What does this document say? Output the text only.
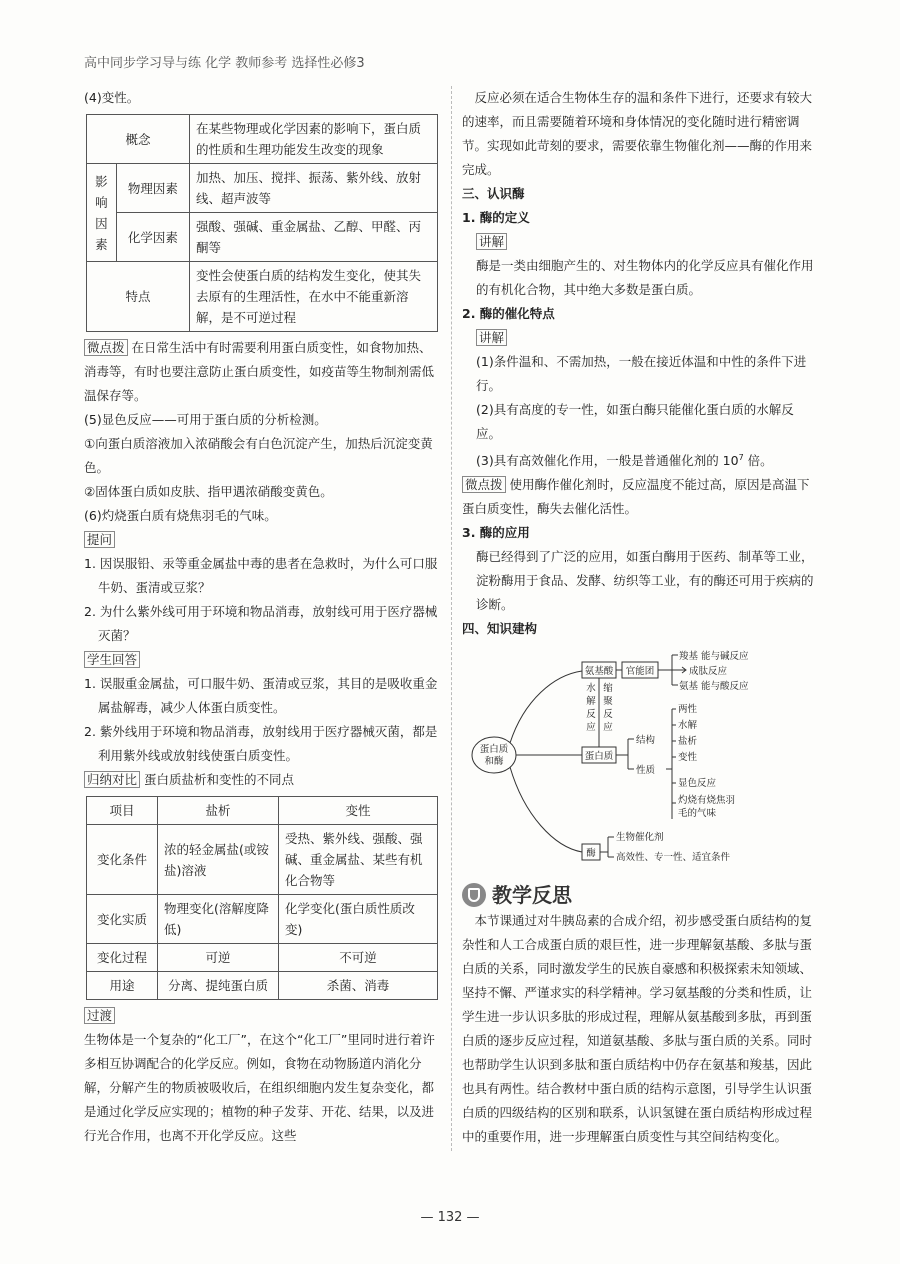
高中同步学习导与练 化学 教师参考 选择性必修3

(4)变性。

概念		在某些物理或化学因素的影响下，蛋白质的性质和生理功能发生改变的现象
影响因素	物理因素	加热、加压、搅拌、振荡、紫外线、放射线、超声波等
	化学因素	强酸、强碱、重金属盐、乙醇、甲醛、丙酮等
特点		变性会使蛋白质的结构发生变化，使其失去原有的生理活性，在水中不能重新溶解，是不可逆过程

微点拨 在日常生活中有时需要利用蛋白质变性，如食物加热、消毒等，有时也要注意防止蛋白质变性，如疫苗等生物制剂需低温保存等。

(5)显色反应——可用于蛋白质的分析检测。

①向蛋白质溶液加入浓硝酸会有白色沉淀产生，加热后沉淀变黄色。

②固体蛋白质如皮肤、指甲遇浓硝酸变黄色。

(6)灼烧蛋白质有烧焦羽毛的气味。

提问

1. 因误服铅、汞等重金属盐中毒的患者在急救时，为什么可口服牛奶、蛋清或豆浆？

2. 为什么紫外线可用于环境和物品消毒，放射线可用于医疗器械灭菌？

学生回答

1. 误服重金属盐，可口服牛奶、蛋清或豆浆，其目的是吸收重金属盐解毒，减少人体蛋白质变性。

2. 紫外线用于环境和物品消毒，放射线用于医疗器械灭菌，都是利用紫外线或放射线使蛋白质变性。

归纳对比 蛋白质盐析和变性的不同点

项目	盐析	变性
变化条件	浓的轻金属盐(或铵盐)溶液	受热、紫外线、强酸、强碱、重金属盐、某些有机化合物等
变化实质	物理变化(溶解度降低)	化学变化(蛋白质性质改变)
变化过程	可逆	不可逆
用途	分离、提纯蛋白质	杀菌、消毒

过渡

生物体是一个复杂的“化工厂”，在这个“化工厂”里同时进行着许多相互协调配合的化学反应。例如，食物在动物肠道内消化分解，分解产生的物质被吸收后，在组织细胞内发生复杂变化，都是通过化学反应实现的；植物的种子发芽、开花、结果，以及进行光合作用，也离不开化学反应。这些

反应必须在适合生物体生存的温和条件下进行，还要求有较大的速率，而且需要随着环境和身体情况的变化随时进行精密调节。实现如此苛刻的要求，需要依靠生物催化剂——酶的作用来完成。

三、认识酶

1. 酶的定义

讲解

酶是一类由细胞产生的、对生物体内的化学反应具有催化作用的有机化合物，其中绝大多数是蛋白质。

2. 酶的催化特点

讲解

(1)条件温和、不需加热，一般在接近体温和中性的条件下进行。

(2)具有高度的专一性，如蛋白酶只能催化蛋白质的水解反应。

(3)具有高效催化作用，一般是普通催化剂的 $10^7$ 倍。

微点拨 使用酶作催化剂时，反应温度不能过高，原因是高温下蛋白质变性，酶失去催化活性。

3. 酶的应用

酶已经得到了广泛的应用，如蛋白酶用于医药、制革等工业，淀粉酶用于食品、发酵、纺织等工业，有的酶还可用于疾病的诊断。

四、知识建构

蛋白质
和酶
氨基酸 官能团
羧基 能与碱反应
成肽反应
氨基 能与酸反应
水
解
反
应
缩
聚
反
应
蛋白质
结构
性质
两性
水解
盐析
变性
显色反应
灼烧有烧焦羽
毛的气味
酶
生物催化剂
高效性、专一性、适宜条件
教学反思

本节课通过对牛胰岛素的合成介绍，初步感受蛋白质结构的复杂性和人工合成蛋白质的艰巨性，进一步理解氨基酸、多肽与蛋白质的关系，同时激发学生的民族自豪感和积极探索未知领域、坚持不懈、严谨求实的科学精神。学习氨基酸的分类和性质，让学生进一步认识多肽的形成过程，理解从氨基酸到多肽，再到蛋白质的逐步反应过程，知道氨基酸、多肽与蛋白质的关系。同时也帮助学生认识到多肽和蛋白质结构中仍存在氨基和羧基，因此也具有两性。结合教材中蛋白质的结构示意图，引导学生认识蛋白质的四级结构的区别和联系，认识氢键在蛋白质结构形成过程中的重要作用，进一步理解蛋白质变性与其空间结构变化。

— 132 —
